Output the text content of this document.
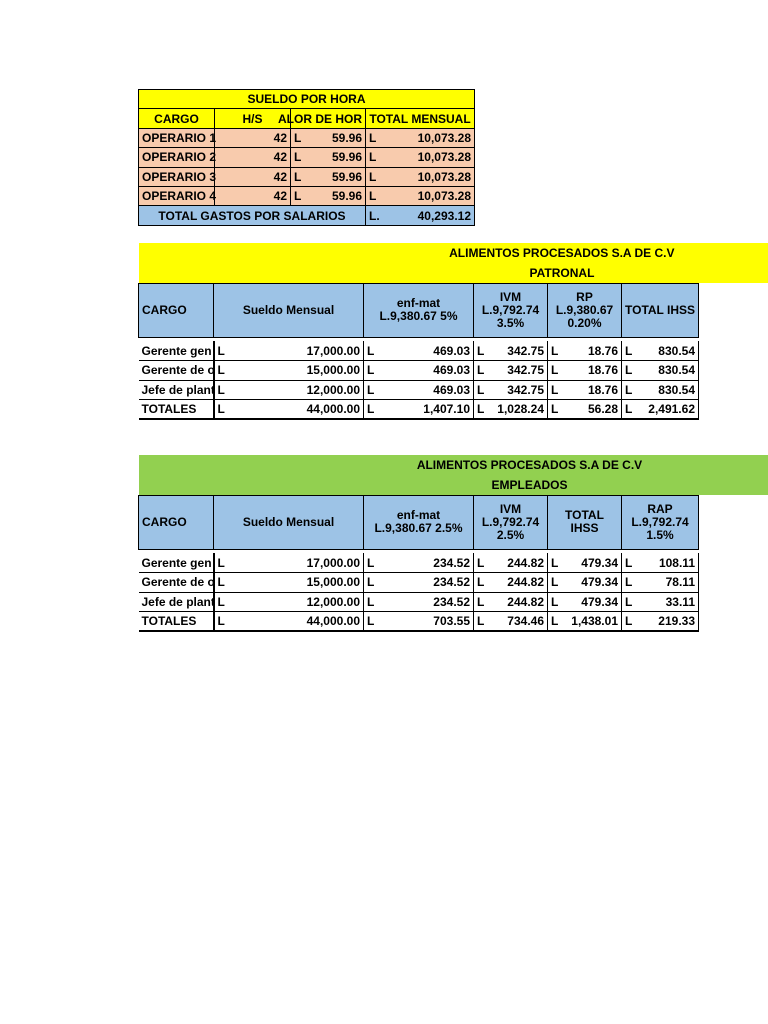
SUELDO POR HORA			
CARGO	H/S	ALOR DE HOR	TOTAL MENSUAL
OPERARIO 1	42	L 59.96	L 10,073.28

OPERARIO 2	42	L 59.96	L 10,073.28

OPERARIO 3	42	L 59.96	L 10,073.28

OPERARIO 4	42	L 59.96	L 10,073.28

TOTAL GASTOS POR SALARIOS			L. 40,293.12
ALIMENTOS PROCESADOS S.A DE C.V					
PATRONAL					
CARGO	Sueldo Mensual	enf-mat L.9,380.67 5%	IVM L.9,792.74 3.5%	RP L.9,380.67 0.20%	TOTAL IHSS

Gerente gen	L 17,000.00	L 469.03	L 342.75	L 18.76	L 830.54

Gerente de o	L 15,000.00	L 469.03	L 342.75	L 18.76	L 830.54

Jefe de plant	L 12,000.00	L 469.03	L 342.75	L 18.76	L 830.54

TOTALES	L 44,000.00	L 1,407.10	L 1,028.24	L 56.28	L 2,491.62
ALIMENTOS PROCESADOS S.A DE C.V					
EMPLEADOS					
CARGO	Sueldo Mensual	enf-mat L.9,380.67 2.5%	IVM L.9,792.74 2.5%	TOTAL IHSS	RAP L.9,792.74 1.5%

Gerente gen	L 17,000.00	L 234.52	L 244.82	L 479.34	L 108.11

Gerente de o	L 15,000.00	L 234.52	L 244.82	L 479.34	L 78.11

Jefe de plant	L 12,000.00	L 234.52	L 244.82	L 479.34	L 33.11

TOTALES	L 44,000.00	L 703.55	L 734.46	L 1,438.01	L 219.33
